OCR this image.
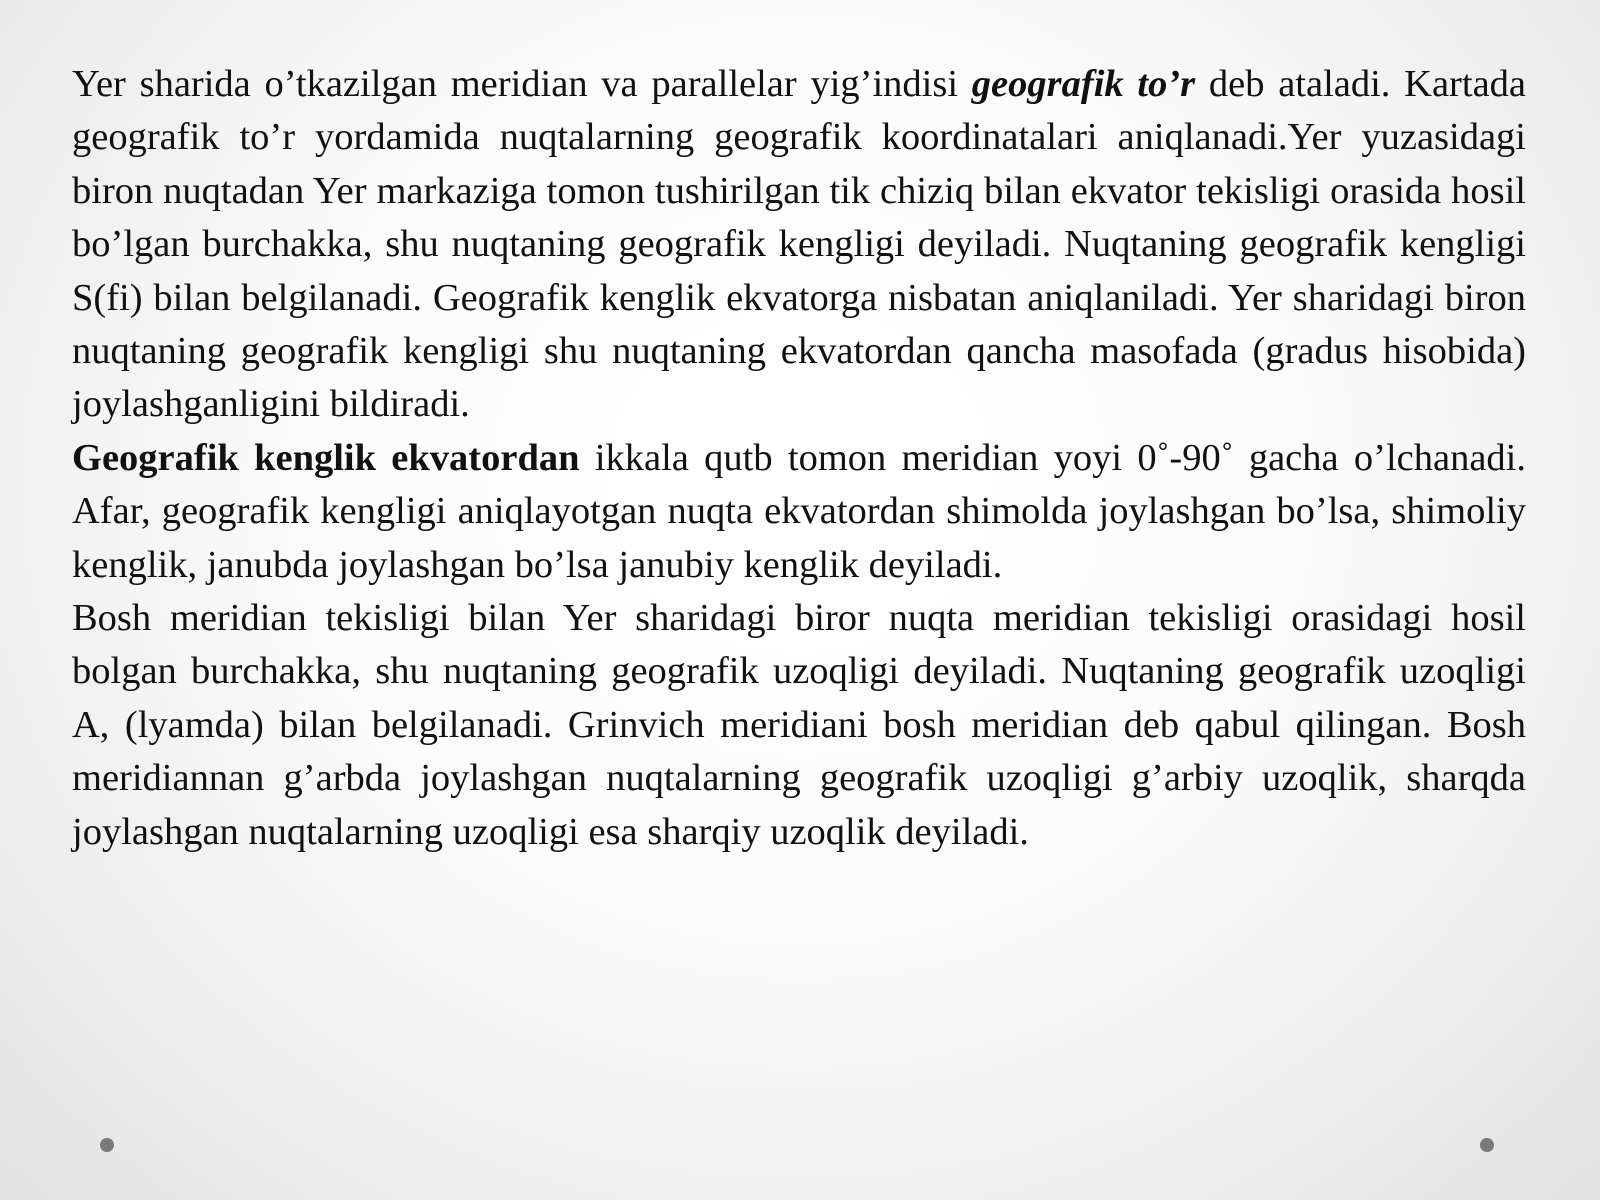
Yer sharida o’tkazilgan meridian va parallelar yig’indisi geografik to’r deb ataladi. Kartada geografik to’r yordamida nuqtalarning geografik koordinatalari aniqlanadi.Yer yuzasidagi biron nuqtadan Yer markaziga tomon tushirilgan tik chiziq bilan ekvator tekisligi orasida hosil bo’lgan burchakka, shu nuqtaning geografik kengligi deyiladi. Nuqtaning geografik kengligi S(fi) bilan belgilanadi. Geografik kenglik ekvatorga nisbatan aniqlaniladi. Yer sharidagi biron nuqtaning geografik kengligi shu nuqtaning ekvatordan qancha masofada (gradus hisobida) joylashganligini bildiradi.

Geografik kenglik ekvatordan ikkala qutb tomon meridian yoyi 0˚-90˚ gacha o’lchanadi. Afar, geografik kengligi aniqlayotgan nuqta ekvatordan shimolda joylashgan bo’lsa, shimoliy kenglik, janubda joylashgan bo’lsa janubiy kenglik deyiladi.

Bosh meridian tekisligi bilan Yer sharidagi biror nuqta meridian tekisligi orasidagi hosil bolgan burchakka, shu nuqtaning geografik uzoqligi deyiladi. Nuqtaning geografik uzoqligi A, (lyamda) bilan belgilanadi. Grinvich meridiani bosh meridian deb qabul qilingan. Bosh meridiannan g’arbda joylashgan nuqtalarning geografik uzoqligi g’arbiy uzoqlik, sharqda joylashgan nuqtalarning uzoqligi esa sharqiy uzoqlik deyiladi.
